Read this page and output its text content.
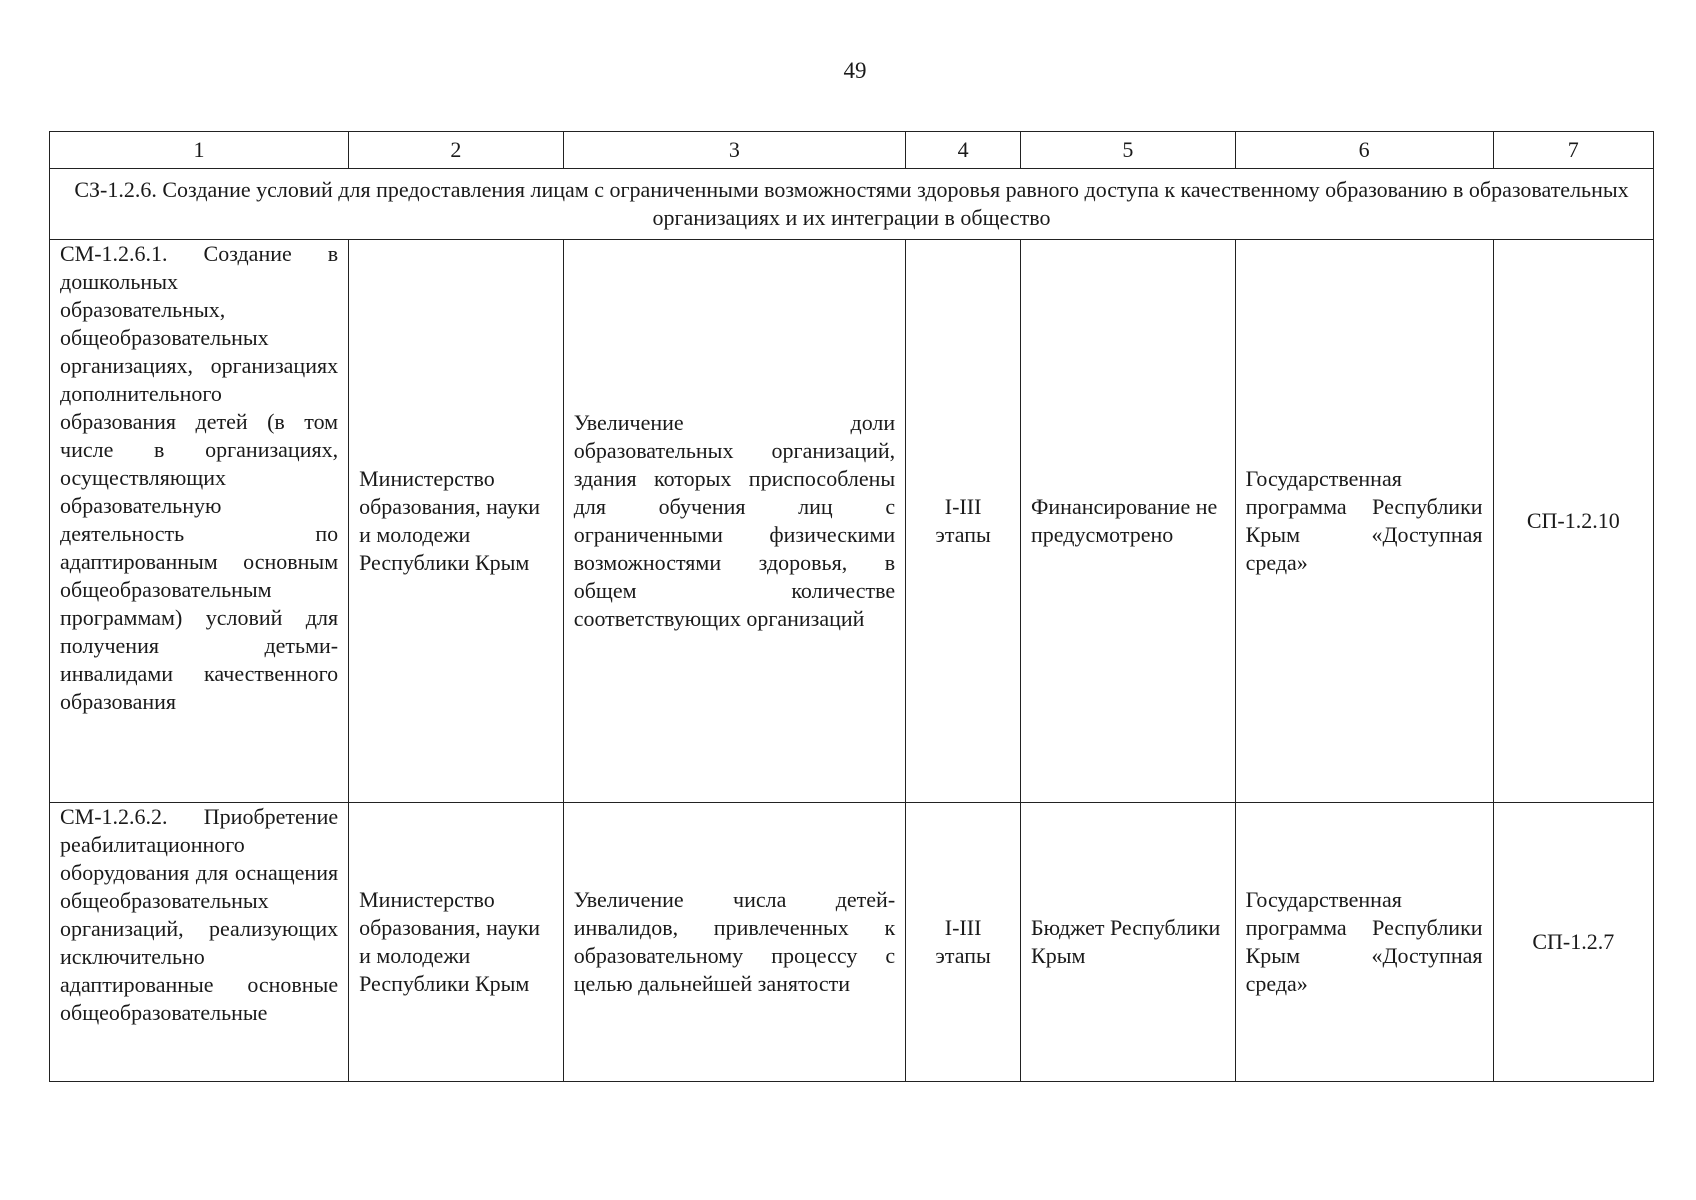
49
1	2	3	4	5	6	7
СЗ-1.2.6. Создание условий для предоставления лицам с ограниченными возможностями здоровья равного доступа к качественному образованию в образовательных организациях и их интеграции в общество						
СМ-1.2.6.1. Создание в дошкольных образовательных, общеобразовательных организациях, организациях дополнительного образования детей (в том числе в организациях, осуществляющих образовательную деятельность по адаптированным основным общеобразовательным программам) условий для получения детьми-инвалидами качественного образования	Министерство образования, науки и молодежи Республики Крым	Увеличение доли образовательных организаций, здания которых приспособлены для обучения лиц с ограниченными физическими возможностями здоровья, в общем количестве соответствующих организаций	I-III этапы	Финансирование не предусмотрено	Государственная программа Республики Крым «Доступная среда»	СП-1.2.10
СМ-1.2.6.2. Приобретение реабилитационного оборудования для оснащения общеобразовательных организаций, реализующих исключительно адаптированные основные общеобразовательные	Министерство образования, науки и молодежи Республики Крым	Увеличение числа детей-инвалидов, привлеченных к образовательному процессу с целью дальнейшей занятости	I-III этапы	Бюджет Республики Крым	Государственная программа Республики Крым «Доступная среда»	СП-1.2.7
